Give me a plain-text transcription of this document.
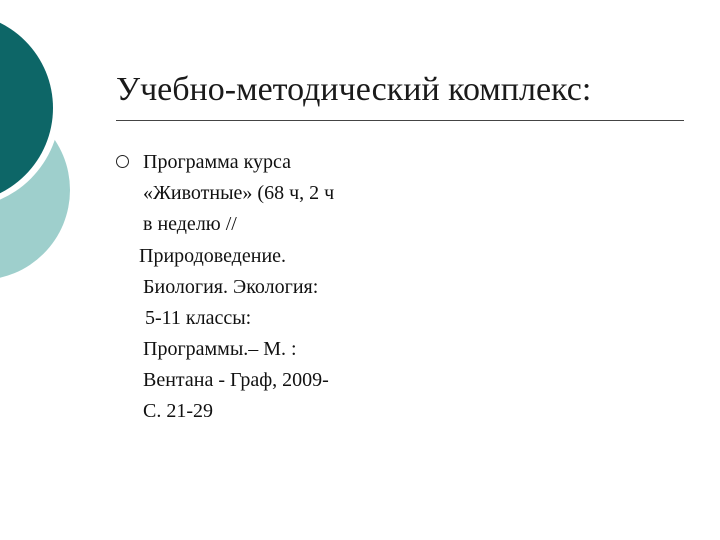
Учебно-методический комплекс:
Программа курса
«Животные» (68 ч, 2 ч
в неделю //
Природоведение.
Биология. Экология:
5-11 классы:
Программы.– М. :
Вентана - Граф, 2009-
С. 21-29
